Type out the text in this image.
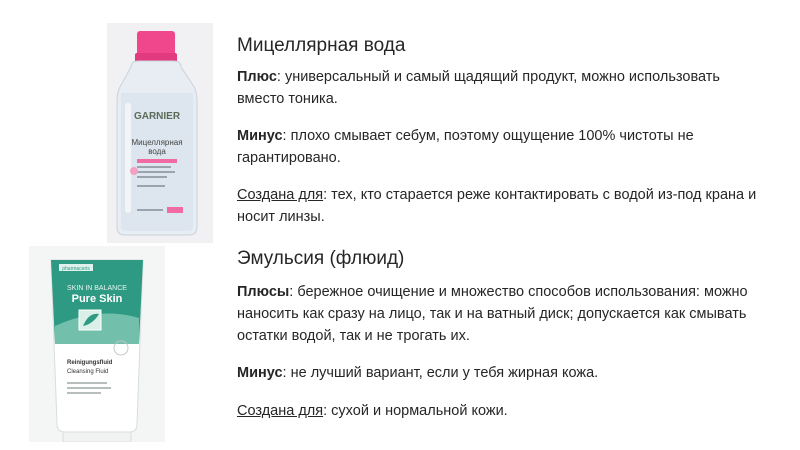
GARNIER
Мицеллярная
вода
pharmaceris
SKIN IN BALANCE
Pure Skin
Reinigungsfluid
Cleansing Fluid
Мицеллярная вода
Плюс: универсальный и самый щадящий продукт, можно использовать вместо тоника.
Минус: плохо смывает себум, поэтому ощущение 100% чистоты не гарантировано.
Создана для: тех, кто старается реже контактировать с водой из-под крана и носит линзы.
Эмульсия (флюид)
Плюсы: бережное очищение и множество способов использования: можно наносить как сразу на лицо, так и на ватный диск; допускается как смывать остатки водой, так и не трогать их.
Минус: не лучший вариант, если у тебя жирная кожа.
Создана для: сухой и нормальной кожи.
